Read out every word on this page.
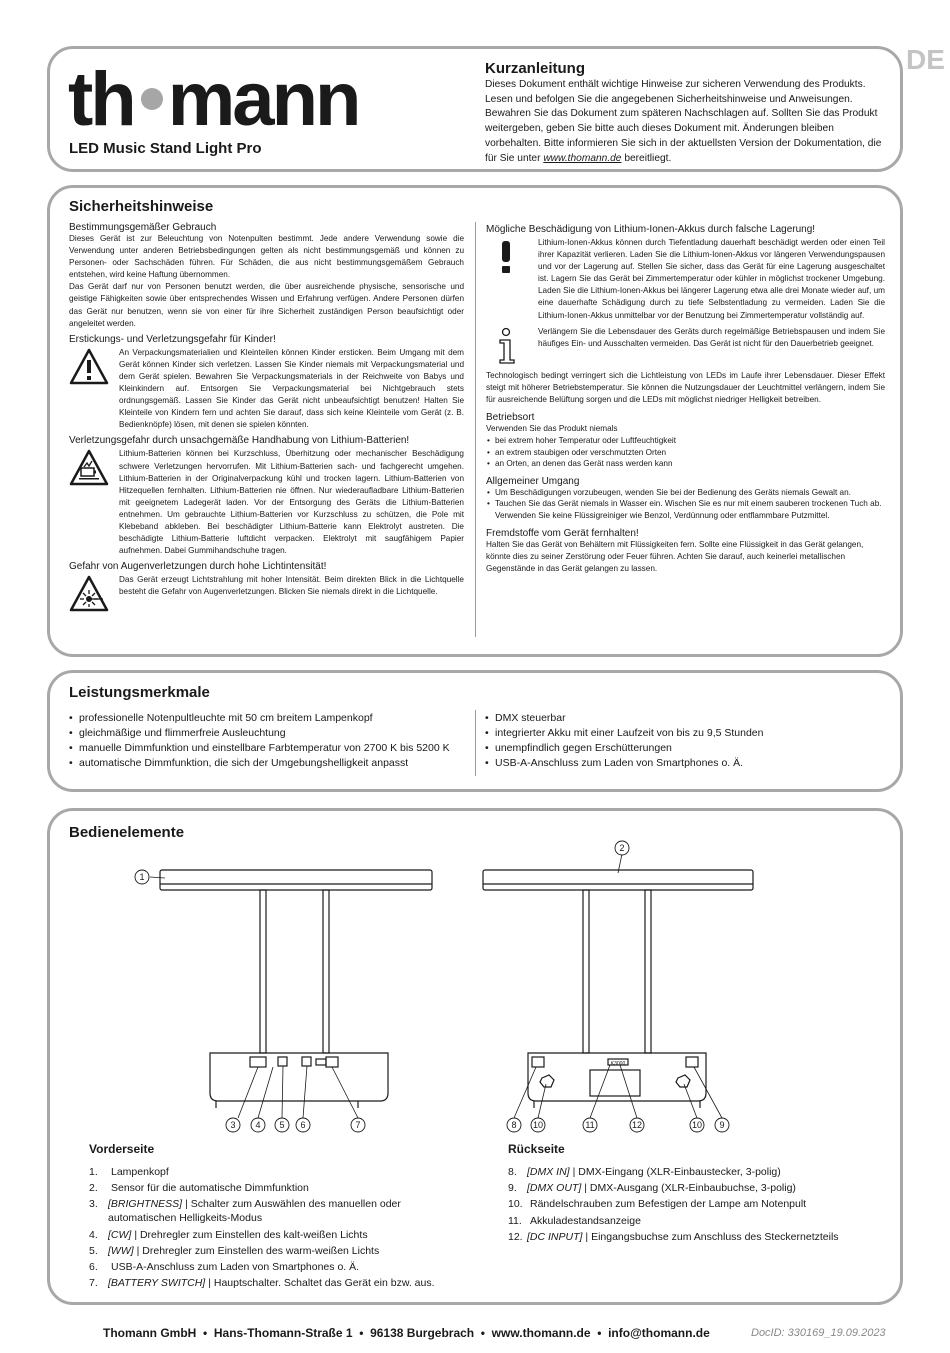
DE
th mann
LED Music Stand Light Pro
Kurzanleitung
Dieses Dokument enthält wichtige Hinweise zur sicheren Verwendung des Produkts. Lesen und befolgen Sie die angegebenen Sicherheitshinweise und Anweisungen. Bewahren Sie das Dokument zum späteren Nachschlagen auf. Sollten Sie das Produkt weitergeben, geben Sie bitte auch dieses Dokument mit. Änderungen bleiben vorbehalten. Bitte informieren Sie sich in der aktuellsten Version der Dokumentation, die für Sie unter www.thomann.de bereitliegt.
Sicherheitshinweise

Bestimmungsgemäßer Gebrauch

Dieses Gerät ist zur Beleuchtung von Notenpulten bestimmt. Jede andere Verwendung sowie die Verwendung unter anderen Betriebsbedingungen gelten als nicht bestimmungsgemäß und können zu Personen- oder Sachschäden führen. Für Schäden, die aus nicht bestimmungsgemäßem Gebrauch entstehen, wird keine Haftung übernommen.

Das Gerät darf nur von Personen benutzt werden, die über ausreichende physische, sensorische und geistige Fähigkeiten sowie über entsprechendes Wissen und Erfahrung verfügen. Andere Personen dürfen das Gerät nur benutzen, wenn sie von einer für ihre Sicherheit zuständigen Person beaufsichtigt oder angeleitet werden.

Erstickungs- und Verletzungsgefahr für Kinder!

An Verpackungsmaterialien und Kleinteilen können Kinder ersticken. Beim Umgang mit dem Gerät können Kinder sich verletzen. Lassen Sie Kinder niemals mit Verpackungsmaterial und dem Gerät spielen. Bewahren Sie Verpackungsmaterials in der Reichweite von Babys und Kleinkindern auf. Entsorgen Sie Verpackungsmaterial bei Nichtgebrauch stets ordnungsgemäß. Lassen Sie Kinder das Gerät nicht unbeaufsichtigt benutzen! Halten Sie Kleinteile von Kindern fern und achten Sie darauf, dass sich keine Kleinteile vom Gerät (z. B. Bedienknöpfe) lösen, mit denen sie spielen könnten.

Verletzungsgefahr durch unsachgemäße Handhabung von Lithium-Batterien!

Lithium-Batterien können bei Kurzschluss, Überhitzung oder mechanischer Beschädigung schwere Verletzungen hervorrufen. Mit Lithium-Batterien sach- und fachgerecht umgehen. Lithium-Batterien in der Originalverpackung kühl und trocken lagern. Lithium-Batterien von Hitzequellen fernhalten. Lithium-Batterien nie öffnen. Nur wiederaufladbare Lithium-Batterien mit geeignetem Ladegerät laden. Vor der Entsorgung des Geräts die Lithium-Batterien entnehmen. Um gebrauchte Lithium-Batterien vor Kurzschluss zu schützen, die Pole mit Klebeband abkleben. Bei beschädigter Lithium-Batterie kann Elektrolyt austreten. Die beschädigte Lithium-Batterie luftdicht verpacken. Elektrolyt mit saugfähigem Papier aufnehmen. Dabei Gummihandschuhe tragen.

Gefahr von Augenverletzungen durch hohe Lichtintensität!

Das Gerät erzeugt Lichtstrahlung mit hoher Intensität. Beim direkten Blick in die Lichtquelle besteht die Gefahr von Augenverletzungen. Blicken Sie niemals direkt in die Lichtquelle.

Mögliche Beschädigung von Lithium-Ionen-Akkus durch falsche Lagerung!

Lithium-Ionen-Akkus können durch Tiefentladung dauerhaft beschädigt werden oder einen Teil ihrer Kapazität verlieren. Laden Sie die Lithium-Ionen-Akkus vor längeren Verwendungspausen und vor der Lagerung auf. Stellen Sie sicher, dass das Gerät für eine Lagerung ausgeschaltet ist. Lagern Sie das Gerät bei Zimmertemperatur oder kühler in möglichst trockener Umgebung. Laden Sie die Lithium-Ionen-Akkus bei längerer Lagerung etwa alle drei Monate wieder auf, um eine dauerhafte Schädigung durch zu tiefe Selbstentladung zu vermeiden. Laden Sie die Lithium-Ionen-Akkus unmittelbar vor der Benutzung bei Zimmertemperatur vollständig auf.
Verlängern Sie die Lebensdauer des Geräts durch regelmäßige Betriebspausen und indem Sie häufiges Ein- und Ausschalten vermeiden. Das Gerät ist nicht für den Dauerbetrieb geeignet.

Technologisch bedingt verringert sich die Lichtleistung von LEDs im Laufe ihrer Lebensdauer. Dieser Effekt steigt mit höherer Betriebstemperatur. Sie können die Nutzungsdauer der Leuchtmittel verlängern, indem Sie für ausreichende Belüftung sorgen und die LEDs mit möglichst niedriger Helligkeit betreiben.

Betriebsort

Verwenden Sie das Produkt niemals

• bei extrem hoher Temperatur oder Luftfeuchtigkeit
• an extrem staubigen oder verschmutzten Orten
• an Orten, an denen das Gerät nass werden kann

Allgemeiner Umgang

• Um Beschädigungen vorzubeugen, wenden Sie bei der Bedienung des Geräts niemals Gewalt an.
• Tauchen Sie das Gerät niemals in Wasser ein. Wischen Sie es nur mit einem sauberen trockenen Tuch ab. Verwenden Sie keine Flüssigreiniger wie Benzol, Verdünnung oder entflammbare Putzmittel.

Fremdstoffe vom Gerät fernhalten!

Halten Sie das Gerät von Behältern mit Flüssigkeiten fern. Sollte eine Flüssigkeit in das Gerät gelangen, könnte dies zu seiner Zerstörung oder Feuer führen. Achten Sie darauf, auch keinerlei metallischen Gegenstände in das Gerät gelangen zu lassen.

Leistungsmerkmale
• professionelle Notenpultleuchte mit 50 cm breitem Lampenkopf
• gleichmäßige und flimmerfreie Ausleuchtung
• manuelle Dimmfunktion und einstellbare Farbtemperatur von 2700 K bis 5200 K
• automatische Dimmfunktion, die sich der Umgebungshelligkeit anpasst
• DMX steuerbar
• integrierter Akku mit einer Laufzeit von bis zu 9,5 Stunden
• unempfindlich gegen Erschütterungen
• USB-A-Anschluss zum Laden von Smartphones o. Ä.
Bedienelemente
1
3 4 5 6	7
K3000
2
8 10	11	12	10 9
Vorderseite
1.	Lampenkopf
2.	Sensor für die automatische Dimmfunktion
3. [BRIGHTNESS] | Schalter zum Auswählen des manuellen oder automatischen Helligkeits-Modus
4. [CW] | Drehregler zum Einstellen des kalt-weißen Lichts
5. [WW] | Drehregler zum Einstellen des warm-weißen Lichts
6.	USB-A-Anschluss zum Laden von Smartphones o. Ä.
7. [BATTERY SWITCH] | Hauptschalter. Schaltet das Gerät ein bzw. aus.
Rückseite
8. [DMX IN] | DMX-Eingang (XLR-Einbaustecker, 3-polig)
9. [DMX OUT] | DMX-Ausgang (XLR-Einbaubuchse, 3-polig)
10. Rändelschrauben zum Befestigen der Lampe am Notenpult
11. Akkuladestandsanzeige
12. [DC INPUT] | Eingangsbuchse zum Anschluss des Steckernetzteils
Thomann GmbH  •  Hans-Thomann-Straße 1  •  96138 Burgebrach  •  www.thomann.de  •  info@thomann.de	DocID: 330169_19.09.2023
